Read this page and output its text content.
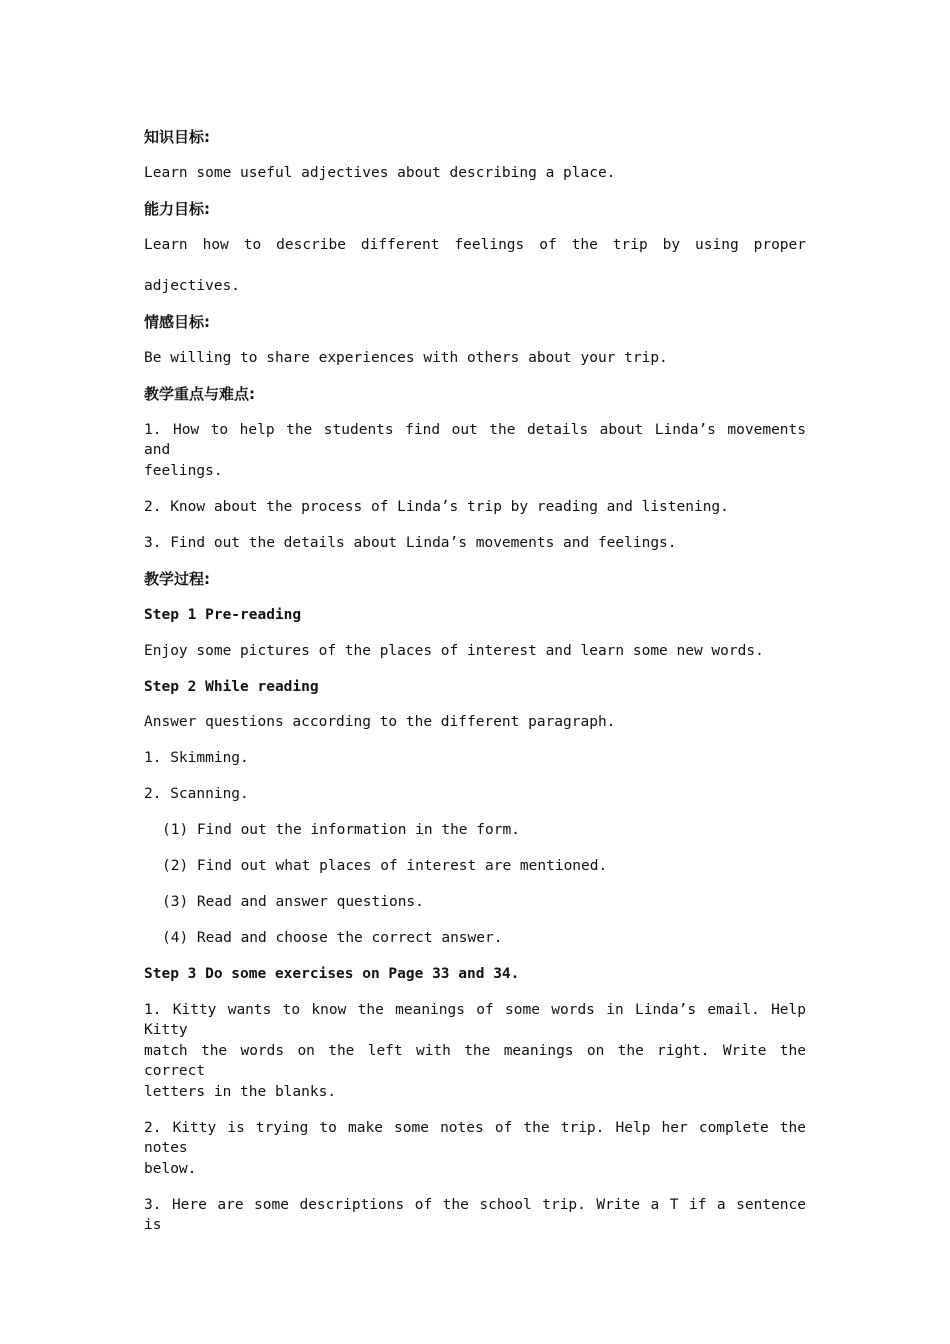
知识目标:
Learn some useful adjectives about describing a place.
能力目标:
Learn how to describe different feelings of the trip by using proper
adjectives.
情感目标:
Be willing to share experiences with others about your trip.
教学重点与难点:
1. How to help the students find out the details about Linda’s movements and
feelings.
2. Know about the process of Linda’s trip by reading and listening.
3. Find out the details about Linda’s movements and feelings.
教学过程:
Step 1 Pre-reading
Enjoy some pictures of the places of interest and learn some new words.
Step 2 While reading
Answer questions according to the different paragraph.
1. Skimming.
2. Scanning.
(1) Find out the information in the form.
(2) Find out what places of interest are mentioned.
(3) Read and answer questions.
(4) Read and choose the correct answer.
Step 3 Do some exercises on Page 33 and 34.
1. Kitty wants to know the meanings of some words in Linda’s email. Help Kitty
match the words on the left with the meanings on the right. Write the correct
letters in the blanks.
2. Kitty is trying to make some notes of the trip. Help her complete the notes
below.
3. Here are some descriptions of the school trip. Write a T if a sentence is
